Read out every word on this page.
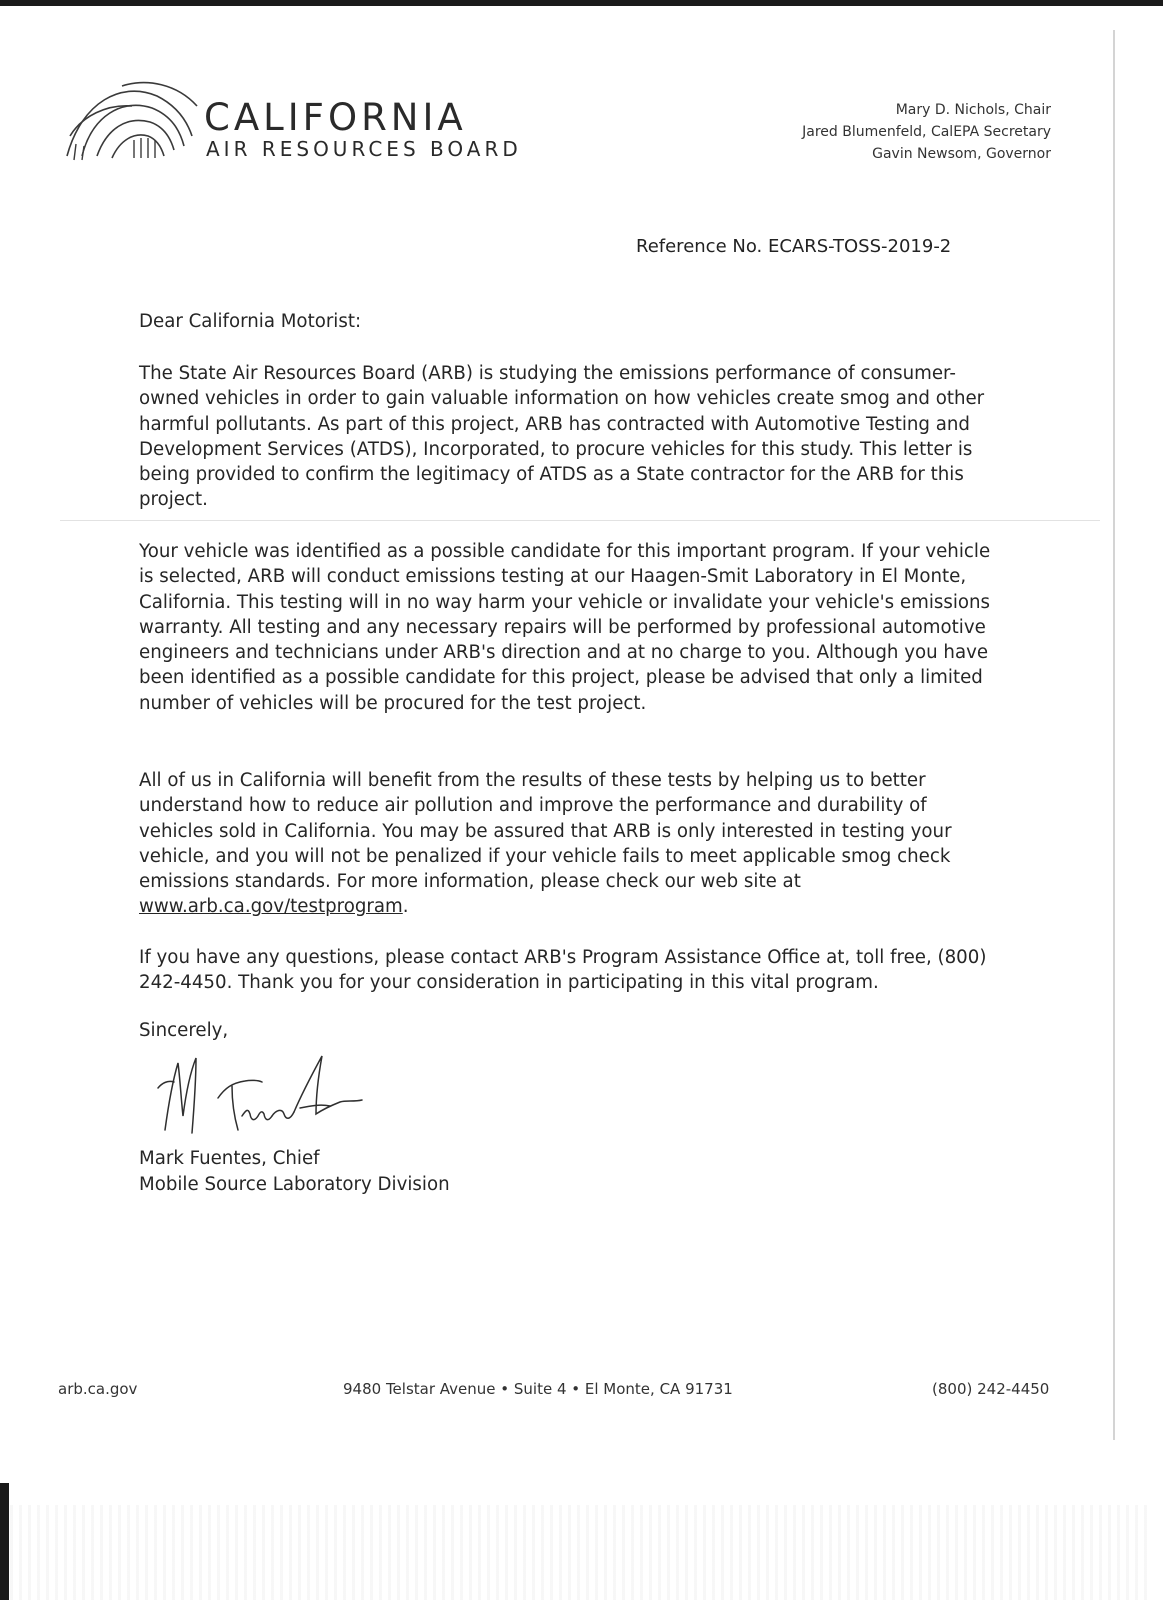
CALIFORNIA
AIR RESOURCES BOARD
Mary D. Nichols, Chair
Jared Blumenfeld, CalEPA Secretary
Gavin Newsom, Governor
Reference No. ECARS-TOSS-2019-2
Dear California Motorist:
The State Air Resources Board (ARB) is studying the emissions performance of consumer-owned vehicles in order to gain valuable information on how vehicles create smog and other harmful pollutants. As part of this project, ARB has contracted with Automotive Testing and Development Services (ATDS), Incorporated, to procure vehicles for this study. This letter is being provided to confirm the legitimacy of ATDS as a State contractor for the ARB for this project.
Your vehicle was identified as a possible candidate for this important program. If your vehicle is selected, ARB will conduct emissions testing at our Haagen-Smit Laboratory in El Monte, California. This testing will in no way harm your vehicle or invalidate your vehicle's emissions warranty. All testing and any necessary repairs will be performed by professional automotive engineers and technicians under ARB's direction and at no charge to you. Although you have been identified as a possible candidate for this project, please be advised that only a limited number of vehicles will be procured for the test project.
All of us in California will benefit from the results of these tests by helping us to better understand how to reduce air pollution and improve the performance and durability of vehicles sold in California. You may be assured that ARB is only interested in testing your vehicle, and you will not be penalized if your vehicle fails to meet applicable smog check emissions standards. For more information, please check our web site at www.arb.ca.gov/testprogram.
If you have any questions, please contact ARB's Program Assistance Office at, toll free, (800) 242-4450. Thank you for your consideration in participating in this vital program.
Sincerely,
Mark Fuentes, Chief
Mobile Source Laboratory Division
arb.ca.gov	9480 Telstar Avenue • Suite 4 • El Monte, CA 91731	(800) 242-4450
